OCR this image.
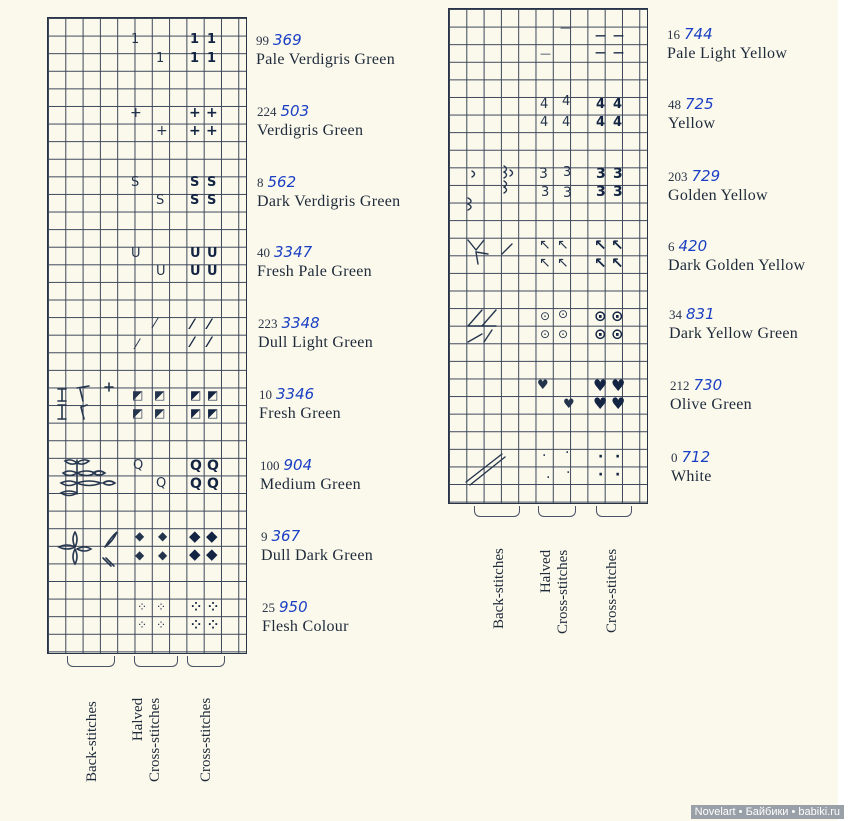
1
1
1 1
1 1
+
+
+ +
+ +
S
S
S S
S S
U
U
U U
U U
⁄
⁄
⁄ ⁄
⁄ ⁄
◩ ◩
◩ ◩
◩ ◩
◩ ◩
Q
Q
Q Q
Q Q
◆ ◆
◆ ◆
◆ ◆
◆ ◆
⁘ ⁘
⁘ ⁘
⁘ ⁘
⁘ ⁘
99 369
Pale Verdigris Green
224 503
Verdigris Green
8 562
Dark Verdigris Green
40 3347
Fresh Pale Green
223 3348
Dull Light Green
10 3346
Fresh Green
100 904
Medium Green
9 367
Dull Dark Green
25 950
Flesh Colour
Back-stitches Halved Cross-stitches Cross-stitches
—
—
— —
— —
4 4
4 4
4 4
4 4
3 3
3 3
3 3
3 3
↖ ↖
↖ ↖
↖ ↖
↖ ↖
⊙ ⊙
⊙ ⊙
⊙ ⊙
⊙ ⊙
♥
♥
♥ ♥
♥ ♥
· ·
· ·
· ·
· ·
16 744
Pale Light Yellow
48 725
Yellow
203 729
Golden Yellow
6 420
Dark Golden Yellow
34 831
Dark Yellow Green
212 730
Olive Green
0 712
White
Back-stitches Halved Cross-stitches Cross-stitches
Novelart • Байбики • babiki.ru
